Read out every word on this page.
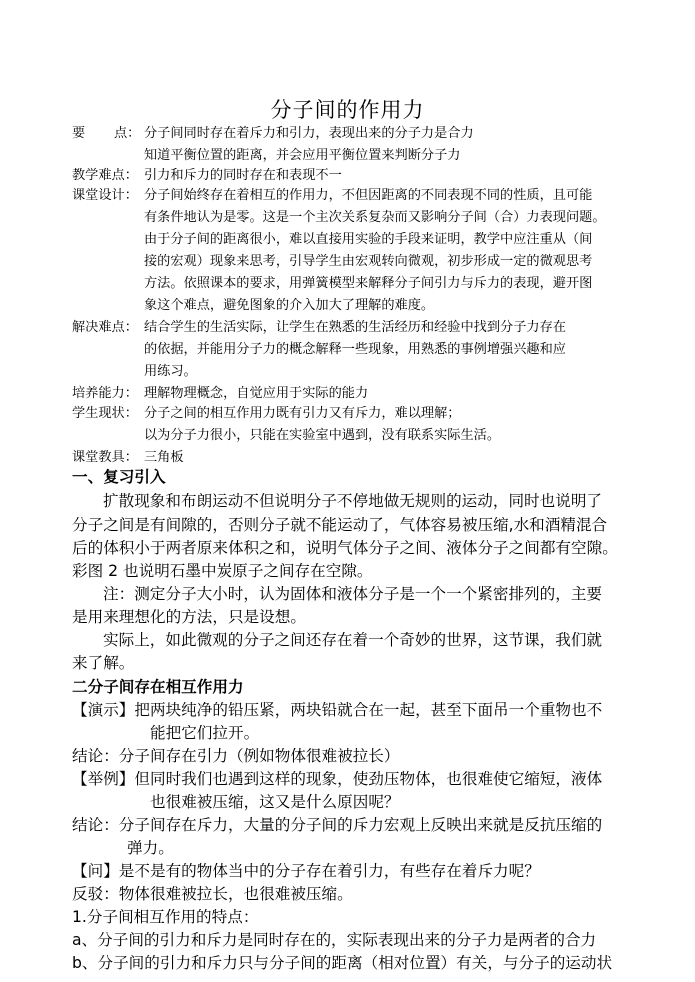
分子间的作用力
要 点： 分子间同时存在着斥力和引力，表现出来的分子力是合力
知道平衡位置的距离，并会应用平衡位置来判断分子力
教学难点： 引力和斥力的同时存在和表现不一
课堂设计： 分子间始终存在着相互的作用力，不但因距离的不同表现不同的性质，且可能
有条件地认为是零。这是一个主次关系复杂而又影响分子间（合）力表现问题。
由于分子间的距离很小，难以直接用实验的手段来证明，教学中应注重从（间
接的宏观）现象来思考，引导学生由宏观转向微观，初步形成一定的微观思考
方法。依照课本的要求，用弹簧模型来解释分子间引力与斥力的表现，避开图
象这个难点，避免图象的介入加大了理解的难度。
解决难点： 结合学生的生活实际，让学生在熟悉的生活经历和经验中找到分子力存在
的依据，并能用分子力的概念解释一些现象，用熟悉的事例增强兴趣和应
用练习。
培养能力： 理解物理概念，自觉应用于实际的能力
学生现状： 分子之间的相互作用力既有引力又有斥力，难以理解；
以为分子力很小，只能在实验室中遇到，没有联系实际生活。
课堂教具： 三角板
一、复习引入
扩散现象和布朗运动不但说明分子不停地做无规则的运动，同时也说明了
分子之间是有间隙的，否则分子就不能运动了，气体容易被压缩,水和酒精混合
后的体积小于两者原来体积之和，说明气体分子之间、液体分子之间都有空隙。
彩图 2 也说明石墨中炭原子之间存在空隙。
注：测定分子大小时，认为固体和液体分子是一个一个紧密排列的，主要
是用来理想化的方法，只是设想。
实际上，如此微观的分子之间还存在着一个奇妙的世界，这节课，我们就
来了解。
二分子间存在相互作用力
【演示】把两块纯净的铅压紧，两块铅就合在一起，甚至下面吊一个重物也不
能把它们拉开。
结论：分子间存在引力（例如物体很难被拉长）
【举例】但同时我们也遇到这样的现象，使劲压物体，也很难使它缩短，液体
也很难被压缩，这又是什么原因呢？
结论：分子间存在斥力，大量的分子间的斥力宏观上反映出来就是反抗压缩的
弹力。
【问】是不是有的物体当中的分子存在着引力，有些存在着斥力呢？
反驳：物体很难被拉长，也很难被压缩。
1.分子间相互作用的特点：
a、分子间的引力和斥力是同时存在的，实际表现出来的分子力是两者的合力
b、分子间的引力和斥力只与分子间的距离（相对位置）有关，与分子的运动状
